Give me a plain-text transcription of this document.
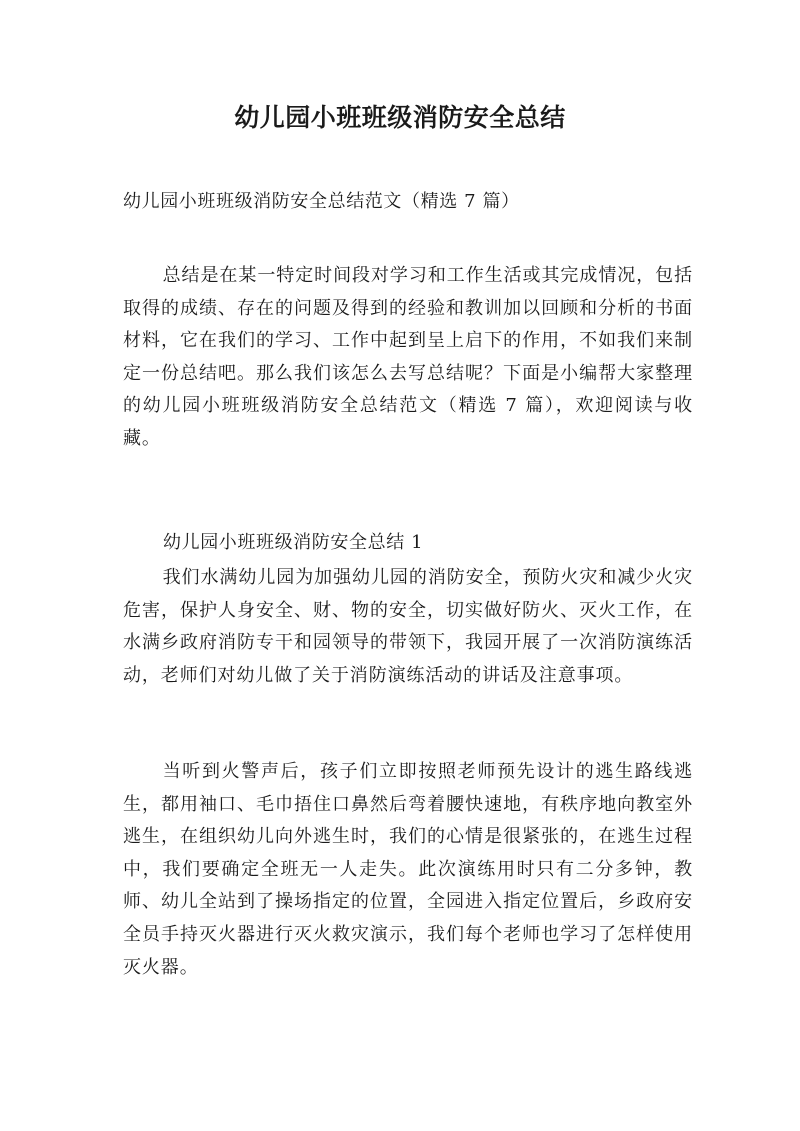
幼儿园小班班级消防安全总结

幼儿园小班班级消防安全总结范文（精选 7 篇）

总结是在某一特定时间段对学习和工作生活或其完成情况，包括取得的成绩、存在的问题及得到的经验和教训加以回顾和分析的书面材料，它在我们的学习、工作中起到呈上启下的作用，不如我们来制定一份总结吧。那么我们该怎么去写总结呢？下面是小编帮大家整理的幼儿园小班班级消防安全总结范文（精选 7 篇），欢迎阅读与收藏。

幼儿园小班班级消防安全总结 1

我们水满幼儿园为加强幼儿园的消防安全，预防火灾和减少火灾危害，保护人身安全、财、物的安全，切实做好防火、灭火工作，在水满乡政府消防专干和园领导的带领下，我园开展了一次消防演练活动，老师们对幼儿做了关于消防演练活动的讲话及注意事项。

当听到火警声后，孩子们立即按照老师预先设计的逃生路线逃生，都用袖口、毛巾捂住口鼻然后弯着腰快速地，有秩序地向教室外逃生，在组织幼儿向外逃生时，我们的心情是很紧张的，在逃生过程中，我们要确定全班无一人走失。此次演练用时只有二分多钟，教师、幼儿全站到了操场指定的位置，全园进入指定位置后，乡政府安全员手持灭火器进行灭火救灾演示，我们每个老师也学习了怎样使用灭火器。
